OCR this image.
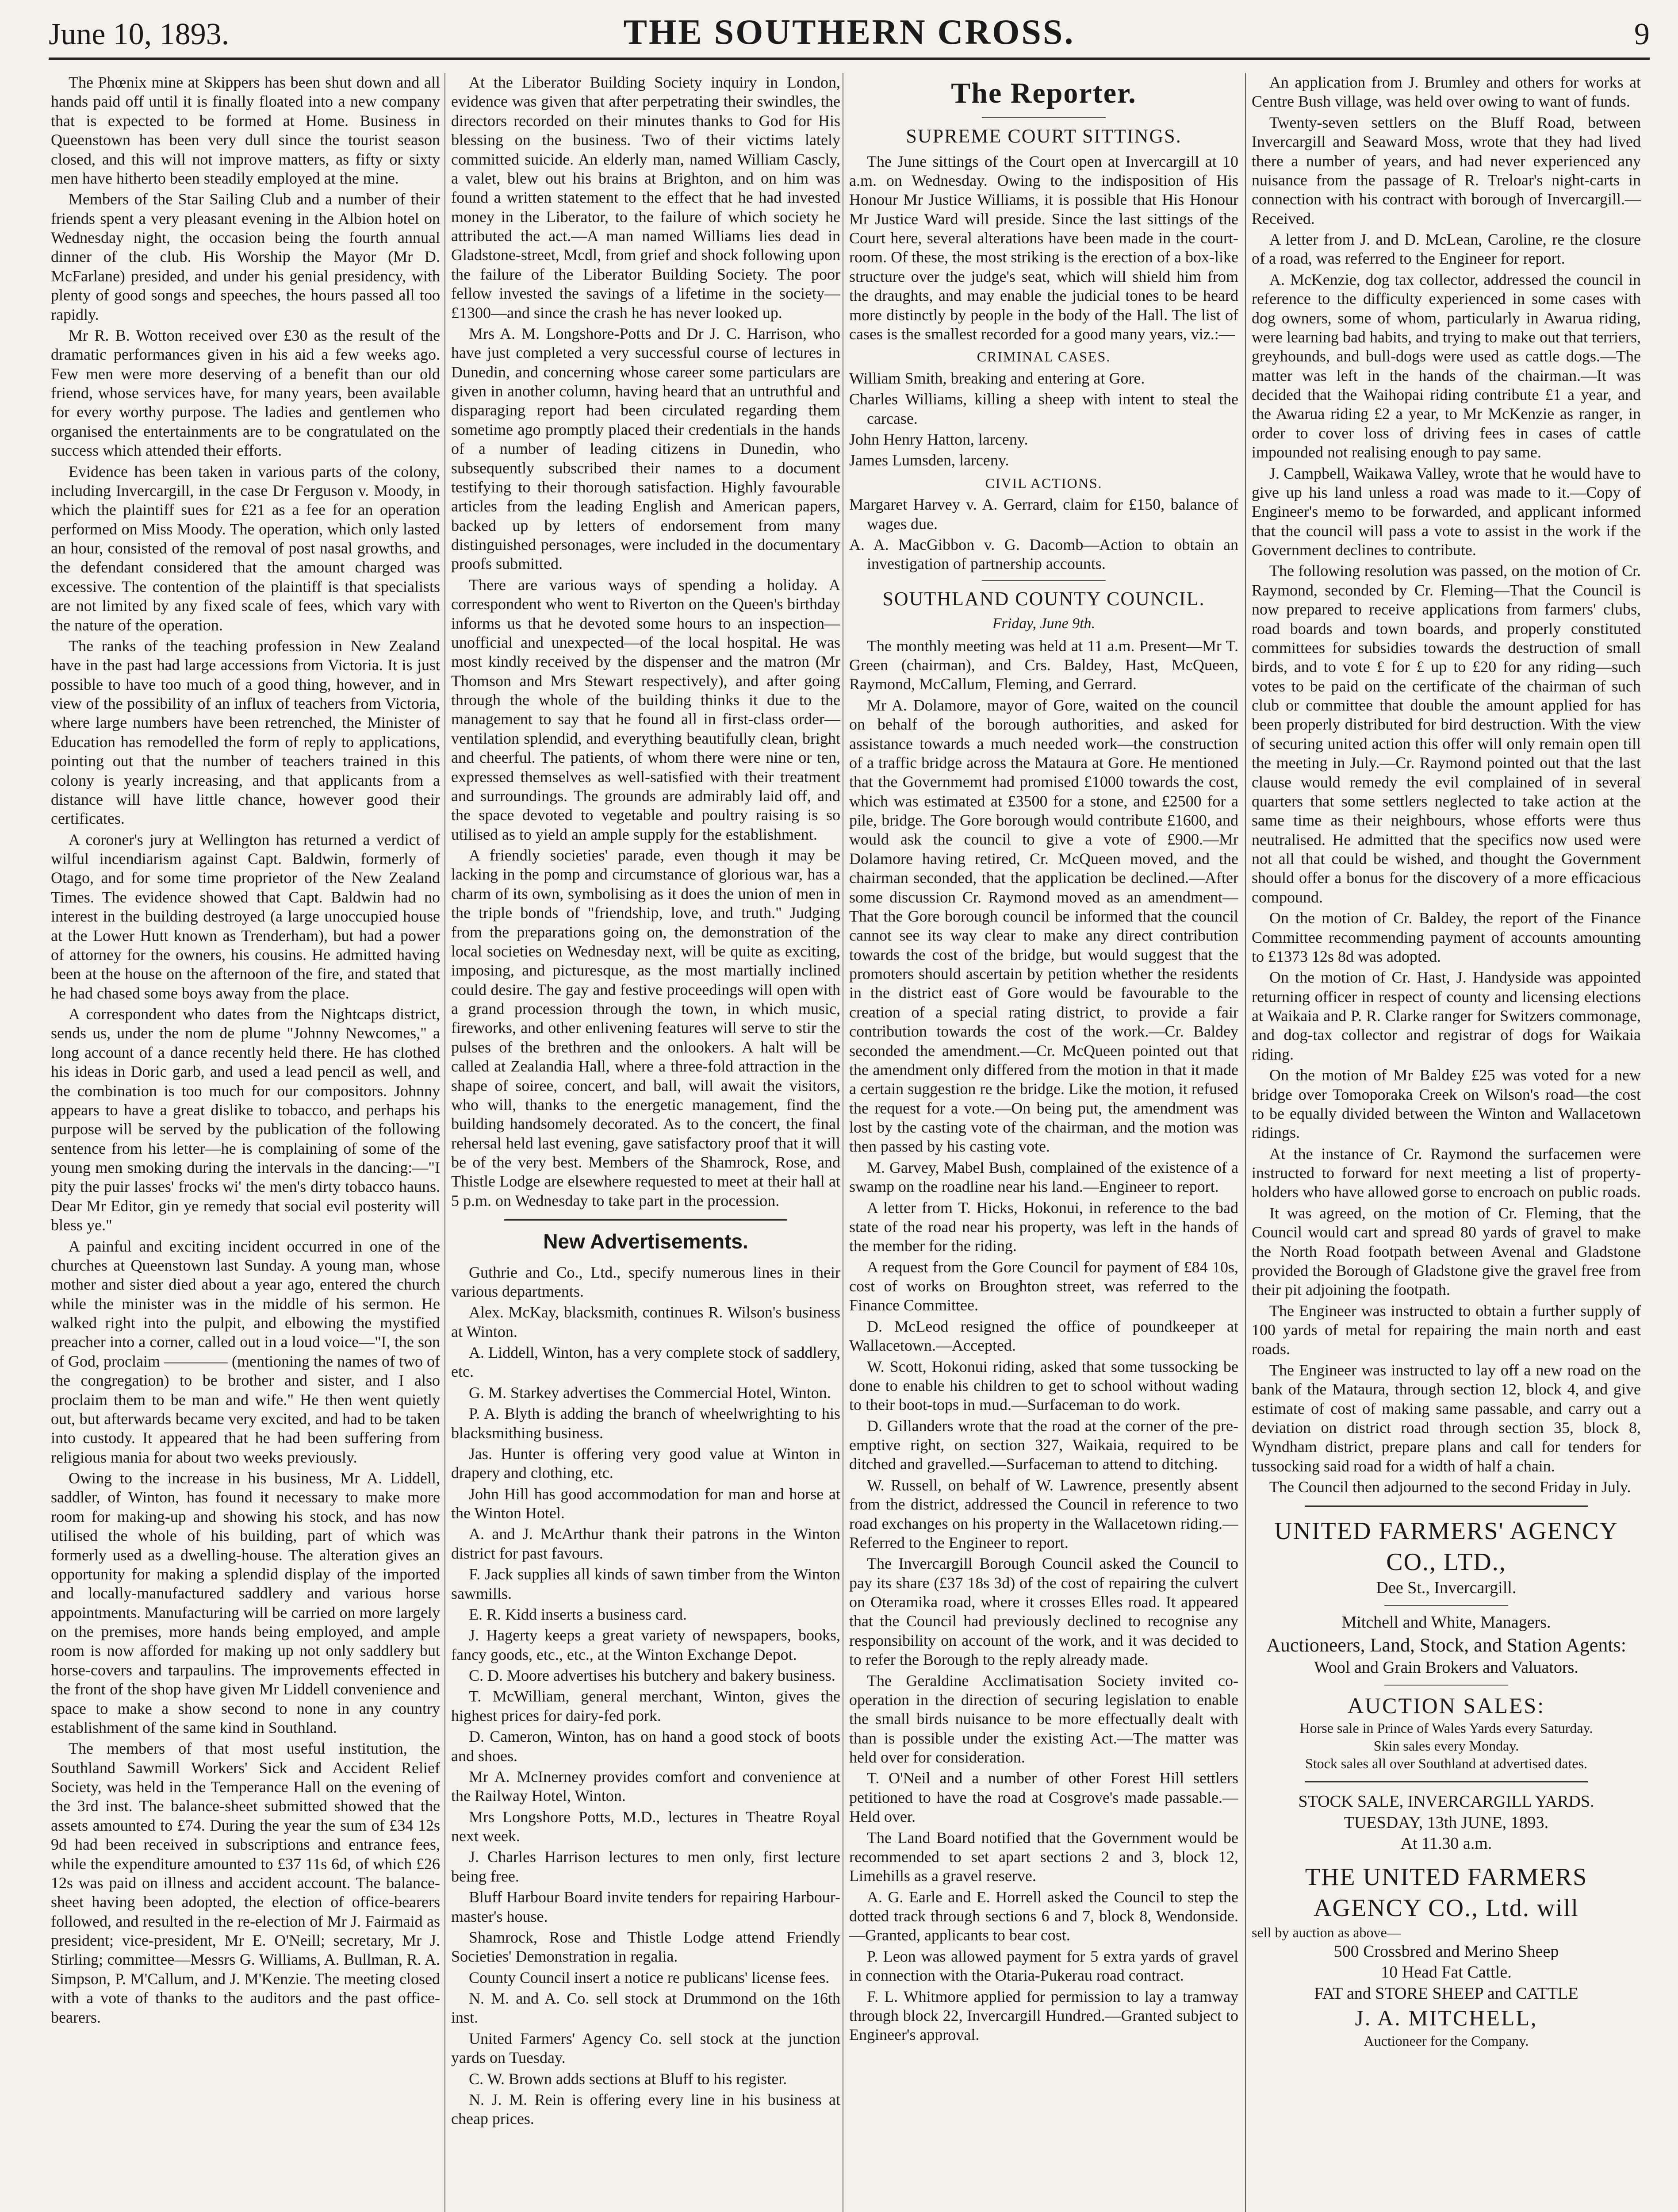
June 10, 1893.	THE SOUTHERN CROSS.	9

The Phœnix mine at Skippers has been shut down and all hands paid off until it is finally floated into a new company that is expected to be formed at Home. Business in Queenstown has been very dull since the tourist season closed, and this will not improve matters, as fifty or sixty men have hitherto been steadily employed at the mine.

Members of the Star Sailing Club and a number of their friends spent a very pleasant evening in the Albion hotel on Wednesday night, the occasion being the fourth annual dinner of the club. His Worship the Mayor (Mr D. McFarlane) presided, and under his genial presidency, with plenty of good songs and speeches, the hours passed all too rapidly.

Mr R. B. Wotton received over £30 as the result of the dramatic performances given in his aid a few weeks ago. Few men were more deserving of a benefit than our old friend, whose services have, for many years, been available for every worthy purpose. The ladies and gentlemen who organised the entertainments are to be congratulated on the success which attended their efforts.

Evidence has been taken in various parts of the colony, including Invercargill, in the case Dr Ferguson v. Moody, in which the plaintiff sues for £21 as a fee for an operation performed on Miss Moody. The operation, which only lasted an hour, consisted of the removal of post nasal growths, and the defendant considered that the amount charged was excessive. The contention of the plaintiff is that specialists are not limited by any fixed scale of fees, which vary with the nature of the operation.

The ranks of the teaching profession in New Zealand have in the past had large accessions from Victoria. It is just possible to have too much of a good thing, however, and in view of the possibility of an influx of teachers from Victoria, where large numbers have been retrenched, the Minister of Education has remodelled the form of reply to applications, pointing out that the number of teachers trained in this colony is yearly increasing, and that applicants from a distance will have little chance, however good their certificates.

A coroner's jury at Wellington has returned a verdict of wilful incendiarism against Capt. Baldwin, formerly of Otago, and for some time proprietor of the New Zealand Times. The evidence showed that Capt. Baldwin had no interest in the building destroyed (a large unoccupied house at the Lower Hutt known as Trenderham), but had a power of attorney for the owners, his cousins. He admitted having been at the house on the afternoon of the fire, and stated that he had chased some boys away from the place.

A correspondent who dates from the Nightcaps district, sends us, under the nom de plume "Johnny Newcomes," a long account of a dance recently held there. He has clothed his ideas in Doric garb, and used a lead pencil as well, and the combination is too much for our compositors. Johnny appears to have a great dislike to tobacco, and perhaps his purpose will be served by the publication of the following sentence from his letter—he is complaining of some of the young men smoking during the intervals in the dancing:—"I pity the puir lasses' frocks wi' the men's dirty tobacco hauns. Dear Mr Editor, gin ye remedy that social evil posterity will bless ye."

A painful and exciting incident occurred in one of the churches at Queenstown last Sunday. A young man, whose mother and sister died about a year ago, entered the church while the minister was in the middle of his sermon. He walked right into the pulpit, and elbowing the mystified preacher into a corner, called out in a loud voice—"I, the son of God, proclaim ———— (mentioning the names of two of the congregation) to be brother and sister, and I also proclaim them to be man and wife." He then went quietly out, but afterwards became very excited, and had to be taken into custody. It appeared that he had been suffering from religious mania for about two weeks previously.

Owing to the increase in his business, Mr A. Liddell, saddler, of Winton, has found it necessary to make more room for making-up and showing his stock, and has now utilised the whole of his building, part of which was formerly used as a dwelling-house. The alteration gives an opportunity for making a splendid display of the imported and locally-manufactured saddlery and various horse appointments. Manufacturing will be carried on more largely on the premises, more hands being employed, and ample room is now afforded for making up not only saddlery but horse-covers and tarpaulins. The improvements effected in the front of the shop have given Mr Liddell convenience and space to make a show second to none in any country establishment of the same kind in Southland.

The members of that most useful institution, the Southland Sawmill Workers' Sick and Accident Relief Society, was held in the Temperance Hall on the evening of the 3rd inst. The balance-sheet submitted showed that the assets amounted to £74. During the year the sum of £34 12s 9d had been received in subscriptions and entrance fees, while the expenditure amounted to £37 11s 6d, of which £26 12s was paid on illness and accident account. The balance-sheet having been adopted, the election of office-bearers followed, and resulted in the re-election of Mr J. Fairmaid as president; vice-president, Mr E. O'Neill; secretary, Mr J. Stirling; committee—Messrs G. Williams, A. Bullman, R. A. Simpson, P. M'Callum, and J. M'Kenzie. The meeting closed with a vote of thanks to the auditors and the past office-bearers.

At the Liberator Building Society inquiry in London, evidence was given that after perpetrating their swindles, the directors recorded on their minutes thanks to God for His blessing on the business. Two of their victims lately committed suicide. An elderly man, named William Cascly, a valet, blew out his brains at Brighton, and on him was found a written statement to the effect that he had invested money in the Liberator, to the failure of which society he attributed the act.—A man named Williams lies dead in Gladstone-street, Mcdl, from grief and shock following upon the failure of the Liberator Building Society. The poor fellow invested the savings of a lifetime in the society—£1300—and since the crash he has never looked up.

Mrs A. M. Longshore-Potts and Dr J. C. Harrison, who have just completed a very successful course of lectures in Dunedin, and concerning whose career some particulars are given in another column, having heard that an untruthful and disparaging report had been circulated regarding them sometime ago promptly placed their credentials in the hands of a number of leading citizens in Dunedin, who subsequently subscribed their names to a document testifying to their thorough satisfaction. Highly favourable articles from the leading English and American papers, backed up by letters of endorsement from many distinguished personages, were included in the documentary proofs submitted.

There are various ways of spending a holiday. A correspondent who went to Riverton on the Queen's birthday informs us that he devoted some hours to an inspection—unofficial and unexpected—of the local hospital. He was most kindly received by the dispenser and the matron (Mr Thomson and Mrs Stewart respectively), and after going through the whole of the building thinks it due to the management to say that he found all in first-class order—ventilation splendid, and everything beautifully clean, bright and cheerful. The patients, of whom there were nine or ten, expressed themselves as well-satisfied with their treatment and surroundings. The grounds are admirably laid off, and the space devoted to vegetable and poultry raising is so utilised as to yield an ample supply for the establishment.

A friendly societies' parade, even though it may be lacking in the pomp and circumstance of glorious war, has a charm of its own, symbolising as it does the union of men in the triple bonds of "friendship, love, and truth." Judging from the preparations going on, the demonstration of the local societies on Wednesday next, will be quite as exciting, imposing, and picturesque, as the most martially inclined could desire. The gay and festive proceedings will open with a grand procession through the town, in which music, fireworks, and other enlivening features will serve to stir the pulses of the brethren and the onlookers. A halt will be called at Zealandia Hall, where a three-fold attraction in the shape of soiree, concert, and ball, will await the visitors, who will, thanks to the energetic management, find the building handsomely decorated. As to the concert, the final rehersal held last evening, gave satisfactory proof that it will be of the very best. Members of the Shamrock, Rose, and Thistle Lodge are elsewhere requested to meet at their hall at 5 p.m. on Wednesday to take part in the procession.

New Advertisements.

Guthrie and Co., Ltd., specify numerous lines in their various departments.

Alex. McKay, blacksmith, continues R. Wilson's business at Winton.

A. Liddell, Winton, has a very complete stock of saddlery, etc.

G. M. Starkey advertises the Commercial Hotel, Winton.

P. A. Blyth is adding the branch of wheelwrighting to his blacksmithing business.

Jas. Hunter is offering very good value at Winton in drapery and clothing, etc.

John Hill has good accommodation for man and horse at the Winton Hotel.

A. and J. McArthur thank their patrons in the Winton district for past favours.

F. Jack supplies all kinds of sawn timber from the Winton sawmills.

E. R. Kidd inserts a business card.

J. Hagerty keeps a great variety of newspapers, books, fancy goods, etc., etc., at the Winton Exchange Depot.

C. D. Moore advertises his butchery and bakery business.

T. McWilliam, general merchant, Winton, gives the highest prices for dairy-fed pork.

D. Cameron, Winton, has on hand a good stock of boots and shoes.

Mr A. McInerney provides comfort and convenience at the Railway Hotel, Winton.

Mrs Longshore Potts, M.D., lectures in Theatre Royal next week.

J. Charles Harrison lectures to men only, first lecture being free.

Bluff Harbour Board invite tenders for repairing Harbour-master's house.

Shamrock, Rose and Thistle Lodge attend Friendly Societies' Demonstration in regalia.

County Council insert a notice re publicans' license fees.

N. M. and A. Co. sell stock at Drummond on the 16th inst.

United Farmers' Agency Co. sell stock at the junction yards on Tuesday.

C. W. Brown adds sections at Bluff to his register.

N. J. M. Rein is offering every line in his business at cheap prices.

The Reporter.
SUPREME COURT SITTINGS.

The June sittings of the Court open at Invercargill at 10 a.m. on Wednesday. Owing to the indisposition of His Honour Mr Justice Williams, it is possible that His Honour Mr Justice Ward will preside. Since the last sittings of the Court here, several alterations have been made in the court-room. Of these, the most striking is the erection of a box-like structure over the judge's seat, which will shield him from the draughts, and may enable the judicial tones to be heard more distinctly by people in the body of the Hall. The list of cases is the smallest recorded for a good many years, viz.:—

CRIMINAL CASES.

William Smith, breaking and entering at Gore.

Charles Williams, killing a sheep with intent to steal the carcase.

John Henry Hatton, larceny.

James Lumsden, larceny.

CIVIL ACTIONS.

Margaret Harvey v. A. Gerrard, claim for £150, balance of wages due.

A. A. MacGibbon v. G. Dacomb—Action to obtain an investigation of partnership accounts.

SOUTHLAND COUNTY COUNCIL.
Friday, June 9th.

The monthly meeting was held at 11 a.m. Present—Mr T. Green (chairman), and Crs. Baldey, Hast, McQueen, Raymond, McCallum, Fleming, and Gerrard.

Mr A. Dolamore, mayor of Gore, waited on the council on behalf of the borough authorities, and asked for assistance towards a much needed work—the construction of a traffic bridge across the Mataura at Gore. He mentioned that the Governmemt had promised £1000 towards the cost, which was estimated at £3500 for a stone, and £2500 for a pile, bridge. The Gore borough would contribute £1600, and would ask the council to give a vote of £900.—Mr Dolamore having retired, Cr. McQueen moved, and the chairman seconded, that the application be declined.—After some discussion Cr. Raymond moved as an amendment—That the Gore borough council be informed that the council cannot see its way clear to make any direct contribution towards the cost of the bridge, but would suggest that the promoters should ascertain by petition whether the residents in the district east of Gore would be favourable to the creation of a special rating district, to provide a fair contribution towards the cost of the work.—Cr. Baldey seconded the amendment.—Cr. McQueen pointed out that the amendment only differed from the motion in that it made a certain suggestion re the bridge. Like the motion, it refused the request for a vote.—On being put, the amendment was lost by the casting vote of the chairman, and the motion was then passed by his casting vote.

M. Garvey, Mabel Bush, complained of the existence of a swamp on the roadline near his land.—Engineer to report.

A letter from T. Hicks, Hokonui, in reference to the bad state of the road near his property, was left in the hands of the member for the riding.

A request from the Gore Council for payment of £84 10s, cost of works on Broughton street, was referred to the Finance Committee.

D. McLeod resigned the office of poundkeeper at Wallacetown.—Accepted.

W. Scott, Hokonui riding, asked that some tussocking be done to enable his children to get to school without wading to their boot-tops in mud.—Surfaceman to do work.

D. Gillanders wrote that the road at the corner of the pre-emptive right, on section 327, Waikaia, required to be ditched and gravelled.—Surfaceman to attend to ditching.

W. Russell, on behalf of W. Lawrence, presently absent from the district, addressed the Council in reference to two road exchanges on his property in the Wallacetown riding.—Referred to the Engineer to report.

The Invercargill Borough Council asked the Council to pay its share (£37 18s 3d) of the cost of repairing the culvert on Oteramika road, where it crosses Elles road. It appeared that the Council had previously declined to recognise any responsibility on account of the work, and it was decided to to refer the Borough to the reply already made.

The Geraldine Acclimatisation Society invited co-operation in the direction of securing legislation to enable the small birds nuisance to be more effectually dealt with than is possible under the existing Act.—The matter was held over for consideration.

T. O'Neil and a number of other Forest Hill settlers petitioned to have the road at Cosgrove's made passable.—Held over.

The Land Board notified that the Government would be recommended to set apart sections 2 and 3, block 12, Limehills as a gravel reserve.

A. G. Earle and E. Horrell asked the Council to step the dotted track through sections 6 and 7, block 8, Wendonside.—Granted, applicants to bear cost.

P. Leon was allowed payment for 5 extra yards of gravel in connection with the Otaria-Pukerau road contract.

F. L. Whitmore applied for permission to lay a tramway through block 22, Invercargill Hundred.—Granted subject to Engineer's approval.

An application from J. Brumley and others for works at Centre Bush village, was held over owing to want of funds.

Twenty-seven settlers on the Bluff Road, between Invercargill and Seaward Moss, wrote that they had lived there a number of years, and had never experienced any nuisance from the passage of R. Treloar's night-carts in connection with his contract with borough of Invercargill.—Received.

A letter from J. and D. McLean, Caroline, re the closure of a road, was referred to the Engineer for report.

A. McKenzie, dog tax collector, addressed the council in reference to the difficulty experienced in some cases with dog owners, some of whom, particularly in Awarua riding, were learning bad habits, and trying to make out that terriers, greyhounds, and bull-dogs were used as cattle dogs.—The matter was left in the hands of the chairman.—It was decided that the Waihopai riding contribute £1 a year, and the Awarua riding £2 a year, to Mr McKenzie as ranger, in order to cover loss of driving fees in cases of cattle impounded not realising enough to pay same.

J. Campbell, Waikawa Valley, wrote that he would have to give up his land unless a road was made to it.—Copy of Engineer's memo to be forwarded, and applicant informed that the council will pass a vote to assist in the work if the Government declines to contribute.

The following resolution was passed, on the motion of Cr. Raymond, seconded by Cr. Fleming—That the Council is now prepared to receive applications from farmers' clubs, road boards and town boards, and properly constituted committees for subsidies towards the destruction of small birds, and to vote £ for £ up to £20 for any riding—such votes to be paid on the certificate of the chairman of such club or committee that double the amount applied for has been properly distributed for bird destruction. With the view of securing united action this offer will only remain open till the meeting in July.—Cr. Raymond pointed out that the last clause would remedy the evil complained of in several quarters that some settlers neglected to take action at the same time as their neighbours, whose efforts were thus neutralised. He admitted that the specifics now used were not all that could be wished, and thought the Government should offer a bonus for the discovery of a more efficacious compound.

On the motion of Cr. Baldey, the report of the Finance Committee recommending payment of accounts amounting to £1373 12s 8d was adopted.

On the motion of Cr. Hast, J. Handyside was appointed returning officer in respect of county and licensing elections at Waikaia and P. R. Clarke ranger for Switzers commonage, and dog-tax collector and registrar of dogs for Waikaia riding.

On the motion of Mr Baldey £25 was voted for a new bridge over Tomoporaka Creek on Wilson's road—the cost to be equally divided between the Winton and Wallacetown ridings.

At the instance of Cr. Raymond the surfacemen were instructed to forward for next meeting a list of property-holders who have allowed gorse to encroach on public roads.

It was agreed, on the motion of Cr. Fleming, that the Council would cart and spread 80 yards of gravel to make the North Road footpath between Avenal and Gladstone provided the Borough of Gladstone give the gravel free from their pit adjoining the footpath.

The Engineer was instructed to obtain a further supply of 100 yards of metal for repairing the main north and east roads.

The Engineer was instructed to lay off a new road on the bank of the Mataura, through section 12, block 4, and give estimate of cost of making same passable, and carry out a deviation on district road through section 35, block 8, Wyndham district, prepare plans and call for tenders for tussocking said road for a width of half a chain.

The Council then adjourned to the second Friday in July.

UNITED FARMERS' AGENCY CO., LTD.,
Dee St., Invercargill.
Mitchell and White, Managers.
Auctioneers, Land, Stock, and Station Agents:
Wool and Grain Brokers and Valuators.
AUCTION SALES:
Horse sale in Prince of Wales Yards every Saturday.
Skin sales every Monday.
Stock sales all over Southland at advertised dates.
STOCK SALE, INVERCARGILL YARDS.
TUESDAY, 13th JUNE, 1893.
At 11.30 a.m.
THE UNITED FARMERS AGENCY CO., Ltd. will
sell by auction as above—
500 Crossbred and Merino Sheep
10 Head Fat Cattle.
FAT and STORE SHEEP and CATTLE
J. A. MITCHELL,
Auctioneer for the Company.
